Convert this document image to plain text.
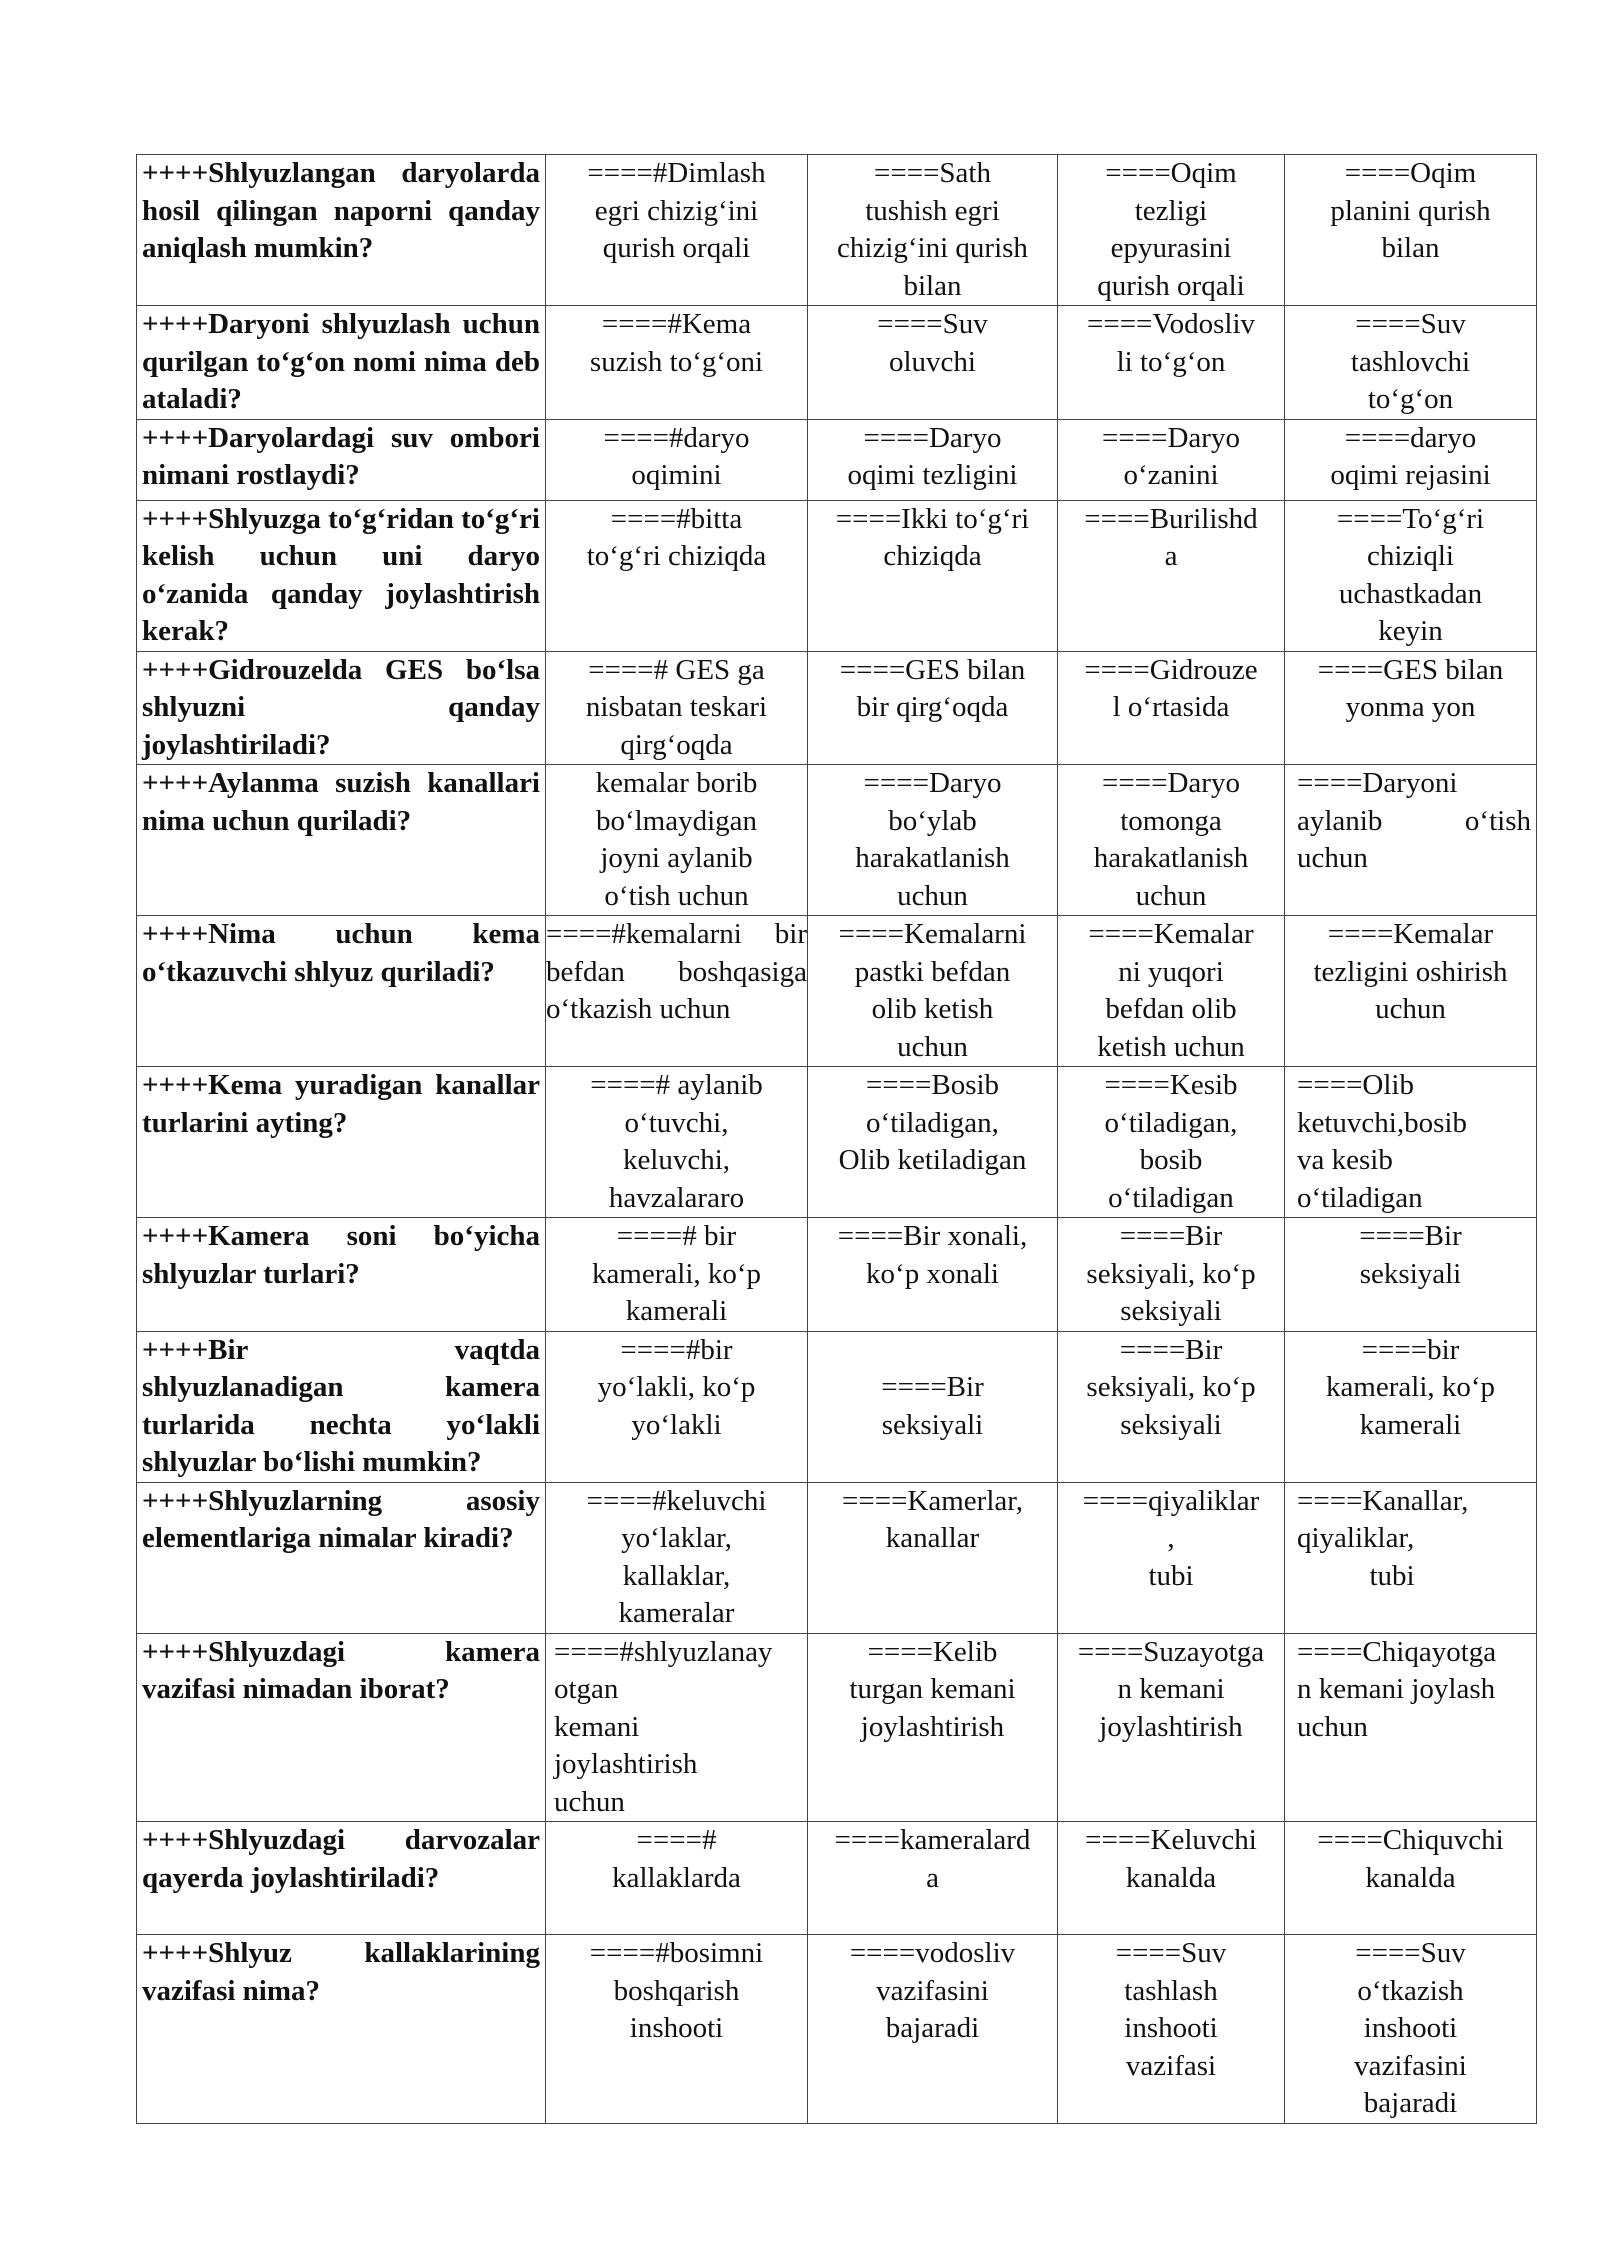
++++Shlyuzlangan daryolarda hosil qilingan naporni qanday aniqlash mumkin?	====#Dimlash
egri chizig‘ini
qurish orqali	====Sath
tushish egri
chizig‘ini qurish
bilan	====Oqim
tezligi
epyurasini
qurish orqali	====Oqim
planini qurish
bilan
++++Daryoni shlyuzlash uchun qurilgan to‘g‘on nomi nima deb ataladi?	====#Kema
suzish to‘g‘oni	====Suv
oluvchi	====Vodosliv
li to‘g‘on	====Suv
tashlovchi
to‘g‘on
++++Daryolardagi suv ombori nimani rostlaydi?	====#daryo
oqimini	====Daryo
oqimi tezligini	====Daryo
o‘zanini	====daryo
oqimi rejasini
++++Shlyuzga to‘g‘ridan to‘g‘ri kelish uchun uni daryo o‘zanida qanday joylashtirish kerak?	====#bitta
to‘g‘ri chiziqda	====Ikki to‘g‘ri
chiziqda	====Burilishd
a	====To‘g‘ri
chiziqli
uchastkadan
keyin
++++Gidrouzelda GES bo‘lsa shlyuzni qanday joylashtiriladi?	====# GES ga
nisbatan teskari
qirg‘oqda	====GES bilan
bir qirg‘oqda	====Gidrouze
l o‘rtasida	====GES bilan
yonma yon
++++Aylanma suzish kanallari nima uchun quriladi?	kemalar borib
bo‘lmaydigan
joyni aylanib
o‘tish uchun	====Daryo
bo‘ylab
harakatlanish
uchun	====Daryo
tomonga
harakatlanish
uchun	====Daryoni aylanib o‘tish uchun
++++Nima uchun kema o‘tkazuvchi shlyuz quriladi?	====#kemalarni bir befdan boshqasiga o‘tkazish uchun	====Kemalarni
pastki befdan
olib ketish
uchun	====Kemalar
ni yuqori
befdan olib
ketish uchun	====Kemalar
tezligini oshirish
uchun
++++Kema yuradigan kanallar turlarini ayting?	====# aylanib
o‘tuvchi,
keluvchi,
havzalararo	====Bosib
o‘tiladigan,
Olib ketiladigan	====Kesib
o‘tiladigan,
bosib
o‘tiladigan	====Olib
ketuvchi,bosib
va kesib
o‘tiladigan
++++Kamera soni bo‘yicha shlyuzlar turlari?	====# bir
kamerali, ko‘p
kamerali	====Bir xonali,
ko‘p xonali	====Bir
seksiyali, ko‘p
seksiyali	====Bir
seksiyali
++++Bir vaqtda shlyuzlanadigan kamera turlarida nechta yo‘lakli shlyuzlar bo‘lishi mumkin?	====#bir
yo‘lakli, ko‘p
yo‘lakli	====Bir
seksiyali	====Bir
seksiyali, ko‘p
seksiyali	====bir
kamerali, ko‘p
kamerali
++++Shlyuzlarning asosiy elementlariga nimalar kiradi?	====#keluvchi
yo‘laklar,
kallaklar,
kameralar	====Kamerlar,
kanallar	====qiyaliklar
,
tubi	====Kanallar,
qiyaliklar,
tubi
++++Shlyuzdagi kamera vazifasi nimadan iborat?	====#shlyuzlanay
otgan
kemani
joylashtirish
uchun	====Kelib
turgan kemani
joylashtirish	====Suzayotga
n kemani
joylashtirish	====Chiqayotga
n kemani joylash
uchun
++++Shlyuzdagi darvozalar qayerda joylashtiriladi?	====#
kallaklarda	====kameralard
a	====Keluvchi
kanalda	====Chiquvchi
kanalda
++++Shlyuz kallaklarining vazifasi nima?	====#bosimni
boshqarish
inshooti	====vodosliv
vazifasini
bajaradi	====Suv
tashlash
inshooti
vazifasi	====Suv
o‘tkazish
inshooti
vazifasini
bajaradi
